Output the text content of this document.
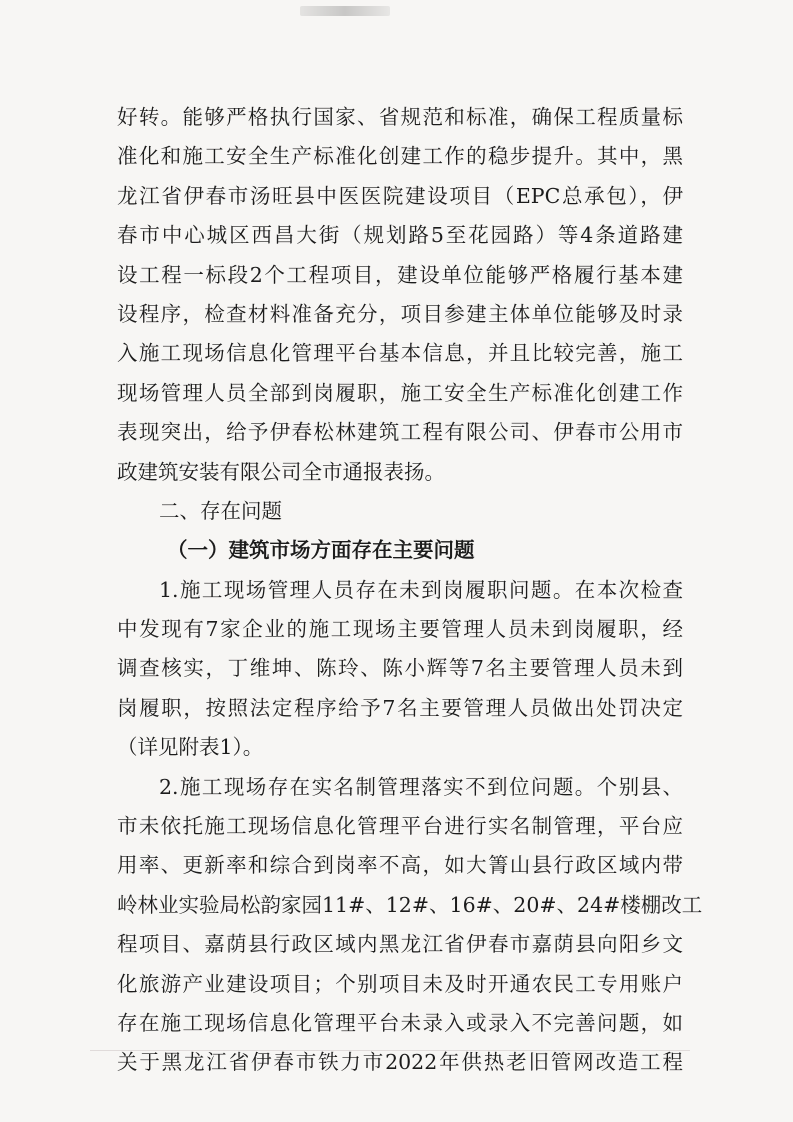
好转。能够严格执行国家、省规范和标准，确保工程质量标
准化和施工安全生产标准化创建工作的稳步提升。其中，黑
龙江省伊春市汤旺县中医医院建设项目（EPC总承包），伊
春市中心城区西昌大街（规划路5至花园路）等4条道路建
设工程一标段2个工程项目，建设单位能够严格履行基本建
设程序，检查材料准备充分，项目参建主体单位能够及时录
入施工现场信息化管理平台基本信息，并且比较完善，施工
现场管理人员全部到岗履职，施工安全生产标准化创建工作
表现突出，给予伊春松林建筑工程有限公司、伊春市公用市
政建筑安装有限公司全市通报表扬。
二、存在问题
（一）建筑市场方面存在主要问题
1.施工现场管理人员存在未到岗履职问题。在本次检查
中发现有7家企业的施工现场主要管理人员未到岗履职，经
调查核实，丁维坤、陈玲、陈小辉等7名主要管理人员未到
岗履职，按照法定程序给予7名主要管理人员做出处罚决定
（详见附表1）。
2.施工现场存在实名制管理落实不到位问题。个别县、
市未依托施工现场信息化管理平台进行实名制管理，平台应
用率、更新率和综合到岗率不高，如大箐山县行政区域内带
岭林业实验局松韵家园11#、12#、16#、20#、24#楼棚改工
程项目、嘉荫县行政区域内黑龙江省伊春市嘉荫县向阳乡文
化旅游产业建设项目；个别项目未及时开通农民工专用账户
存在施工现场信息化管理平台未录入或录入不完善问题，如
关于黑龙江省伊春市铁力市2022年供热老旧管网改造工程
